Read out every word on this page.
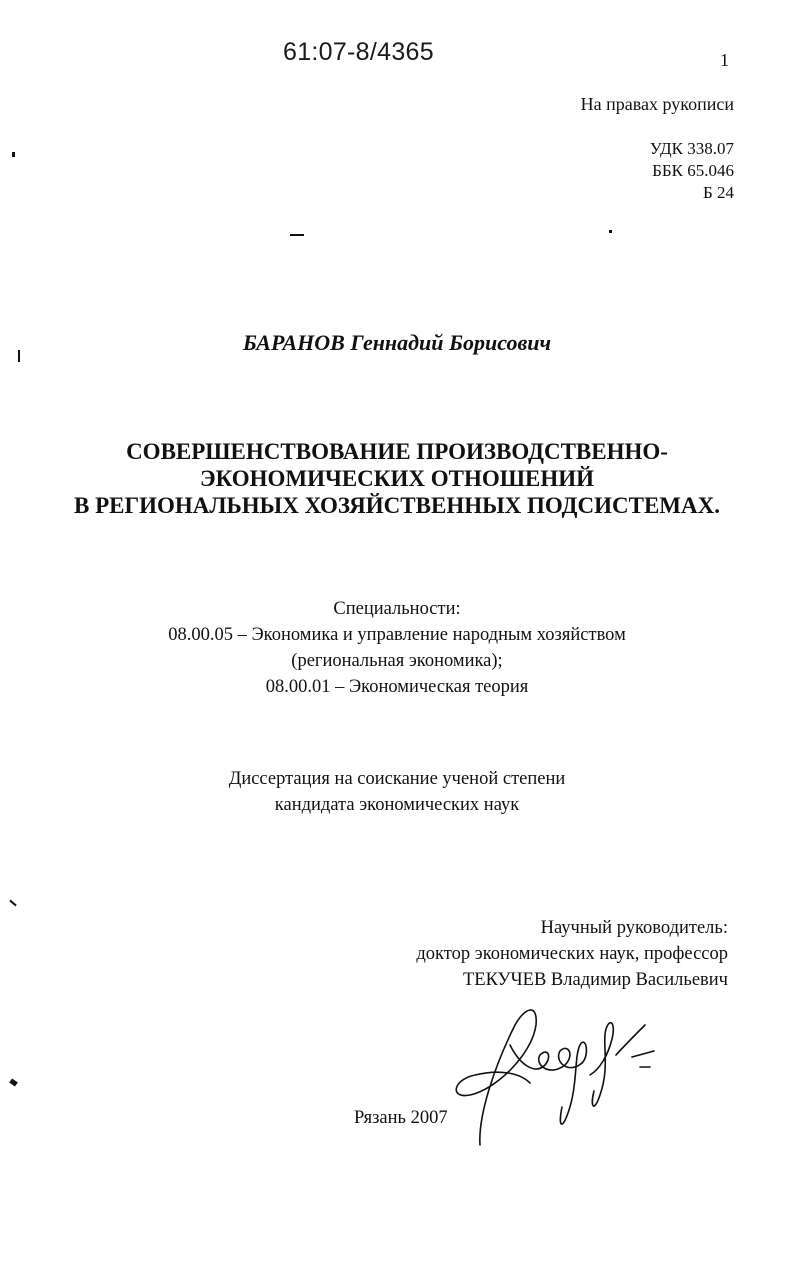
61:07-8/4365	1
На правах рукописи
УДК 338.07
ББК 65.046
Б 24
БАРАНОВ Геннадий Борисович
СОВЕРШЕНСТВОВАНИЕ ПРОИЗВОДСТВЕННО-
ЭКОНОМИЧЕСКИХ ОТНОШЕНИЙ
В РЕГИОНАЛЬНЫХ ХОЗЯЙСТВЕННЫХ ПОДСИСТЕМАХ.
Специальности:
08.00.05 – Экономика и управление народным хозяйством
(региональная экономика);
08.00.01 – Экономическая теория
Диссертация на соискание ученой степени
кандидата экономических наук
Научный руководитель:
доктор экономических наук, профессор
ТЕКУЧЕВ Владимир Васильевич
Рязань 2007
